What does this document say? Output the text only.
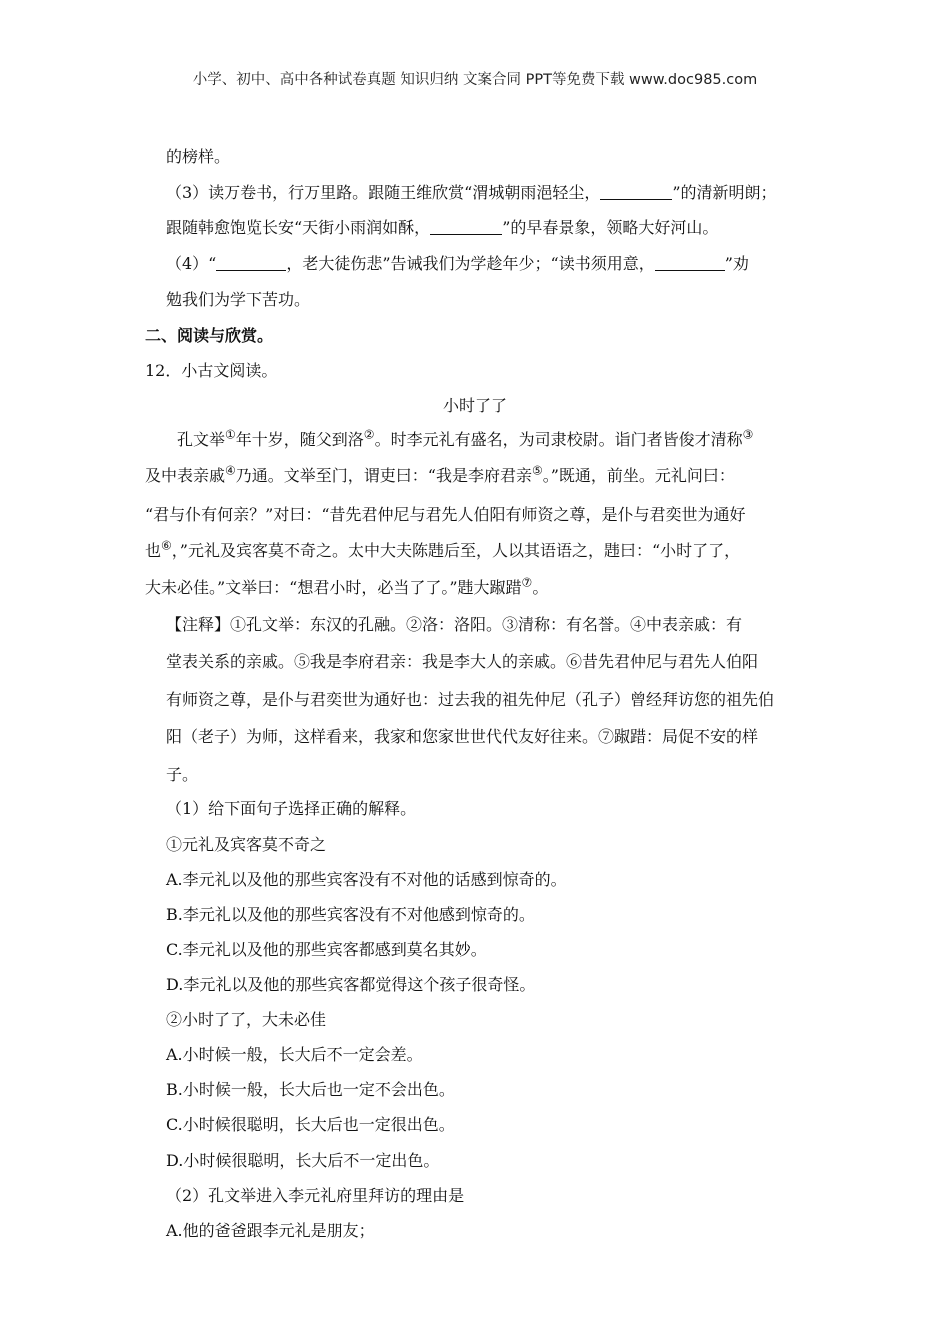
小学、初中、高中各种试卷真题 知识归纳 文案合同 PPT等免费下载 www.doc985.com
的榜样。
（3）读万卷书，行万里路。跟随王维欣赏“渭城朝雨浥轻尘，	”的清新明朗；
跟随韩愈饱览长安“天街小雨润如酥，	”的早春景象，领略大好河山。
（4）“	，老大徒伤悲”告诫我们为学趁年少；“读书须用意，	”劝
勉我们为学下苦功。
二、阅读与欣赏。
12．小古文阅读。
小时了了
孔文举①年十岁，随父到洛②。时李元礼有盛名，为司隶校尉。诣门者皆俊才清称③
及中表亲戚④乃通。文举至门，谓吏曰：“我是李府君亲⑤。”既通，前坐。元礼问曰：
“君与仆有何亲？”对曰：“昔先君仲尼与君先人伯阳有师资之尊，是仆与君奕世为通好
也⑥，”元礼及宾客莫不奇之。太中大夫陈韪后至，人以其语语之，韪曰：“小时了了，
大未必佳。”文举曰：“想君小时，必当了了。”韪大踧踖⑦。
【注释】①孔文举：东汉的孔融。②洛：洛阳。③清称：有名誉。④中表亲戚：有
堂表关系的亲戚。⑤我是李府君亲：我是李大人的亲戚。⑥昔先君仲尼与君先人伯阳
有师资之尊，是仆与君奕世为通好也：过去我的祖先仲尼（孔子）曾经拜访您的祖先伯
阳（老子）为师，这样看来，我家和您家世世代代友好往来。⑦踧踖：局促不安的样
子。
（1）给下面句子选择正确的解释。
①元礼及宾客莫不奇之
A.李元礼以及他的那些宾客没有不对他的话感到惊奇的。
B.李元礼以及他的那些宾客没有不对他感到惊奇的。
C.李元礼以及他的那些宾客都感到莫名其妙。
D.李元礼以及他的那些宾客都觉得这个孩子很奇怪。
②小时了了，大未必佳
A.小时候一般，长大后不一定会差。
B.小时候一般，长大后也一定不会出色。
C.小时候很聪明，长大后也一定很出色。
D.小时候很聪明，长大后不一定出色。
（2）孔文举进入李元礼府里拜访的理由是
A.他的爸爸跟李元礼是朋友；
